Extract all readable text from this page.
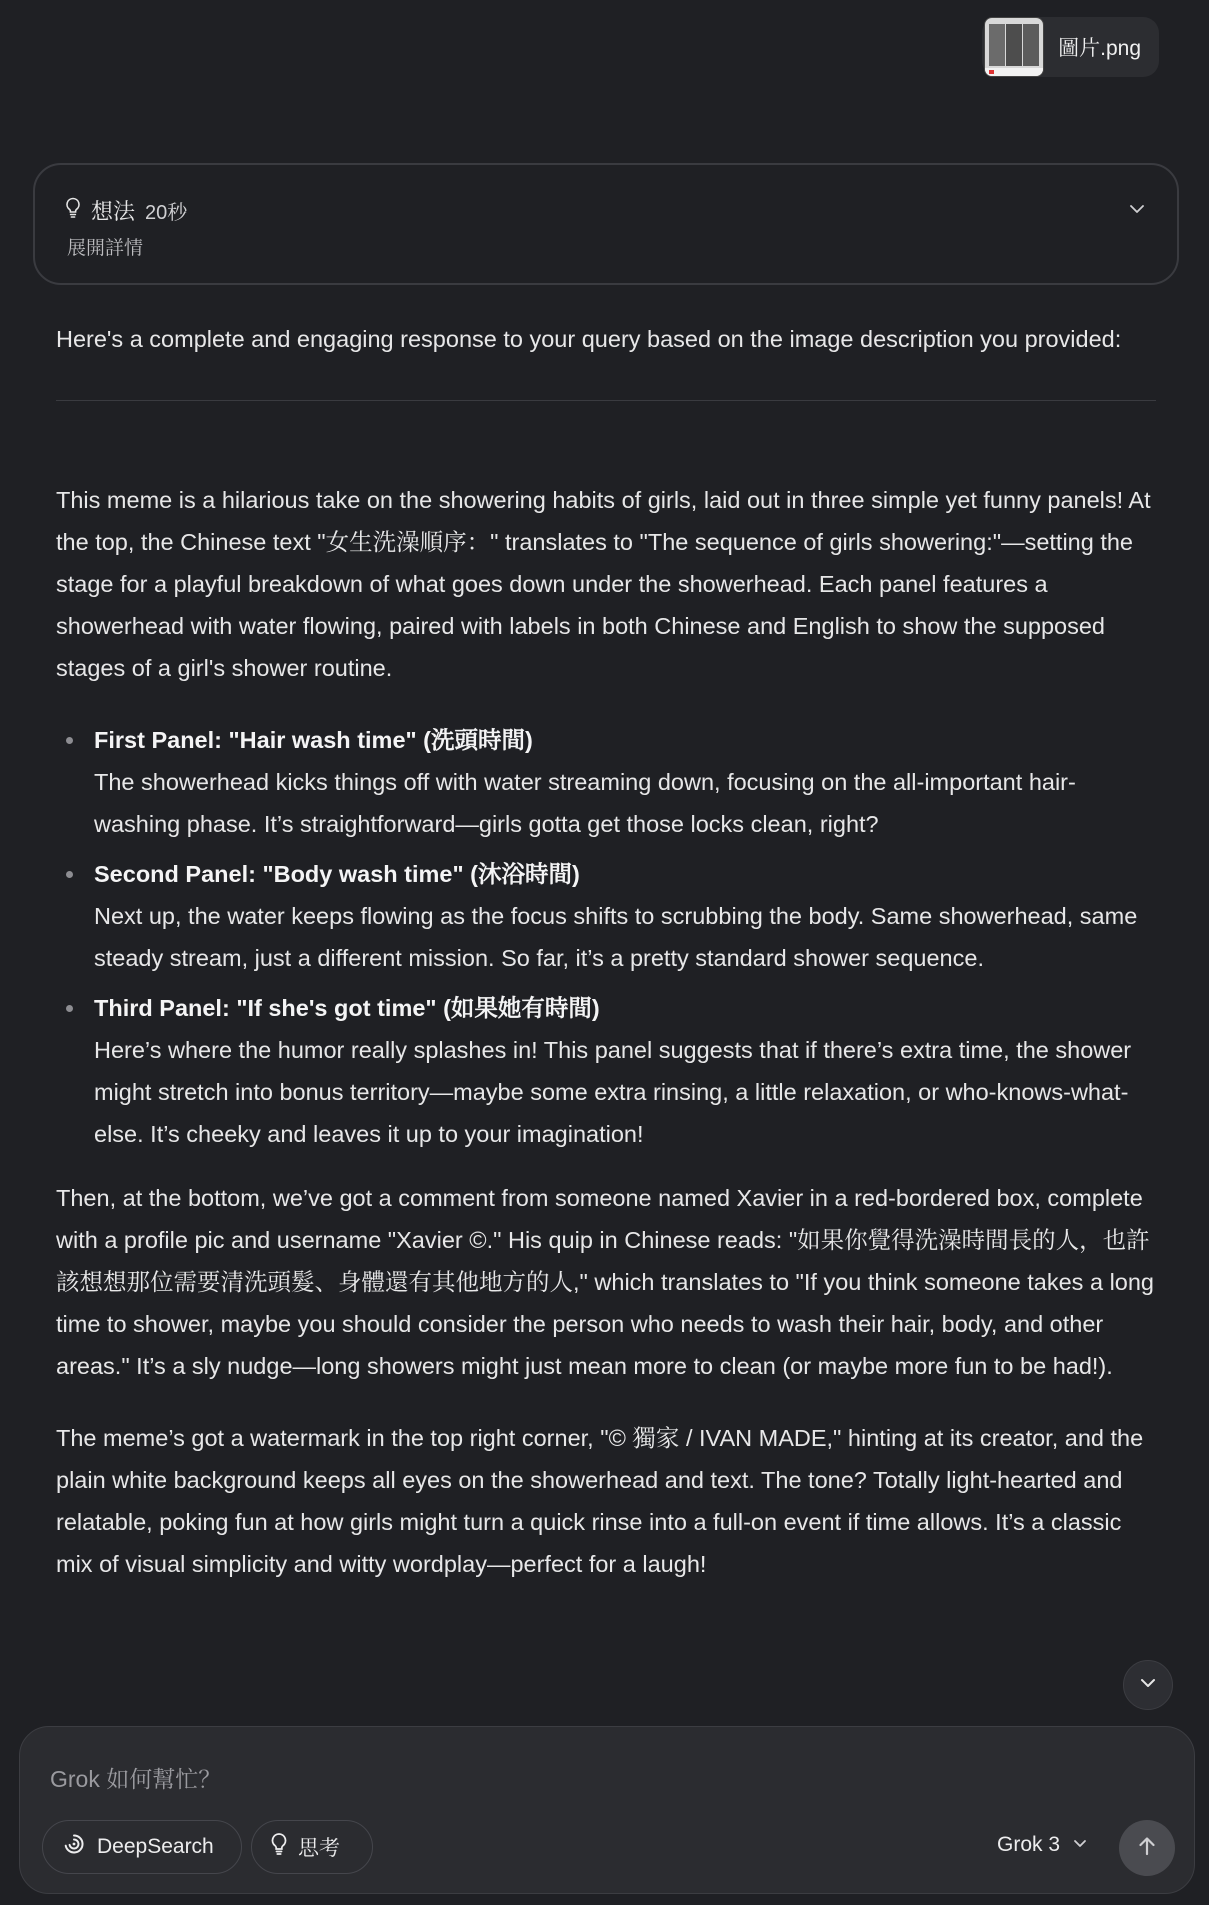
圖片.png
想法 20秒
展開詳情

Here's a complete and engaging response to your query based on the image description you provided:

This meme is a hilarious take on the showering habits of girls, laid out in three simple yet funny panels! At the top, the Chinese text "女生洗澡順序：" translates to "The sequence of girls showering:"—setting the stage for a playful breakdown of what goes down under the showerhead. Each panel features a showerhead with water flowing, paired with labels in both Chinese and English to show the supposed stages of a girl's shower routine.

First Panel: "Hair wash time" (洗頭時間)
The showerhead kicks things off with water streaming down, focusing on the all-important hair-washing phase. It’s straightforward—girls gotta get those locks clean, right?
Second Panel: "Body wash time" (沐浴時間)
Next up, the water keeps flowing as the focus shifts to scrubbing the body. Same showerhead, same steady stream, just a different mission. So far, it’s a pretty standard shower sequence.
Third Panel: "If she's got time" (如果她有時間)
Here’s where the humor really splashes in! This panel suggests that if there’s extra time, the shower might stretch into bonus territory—maybe some extra rinsing, a little relaxation, or who-knows-what-else. It’s cheeky and leaves it up to your imagination!

Then, at the bottom, we’ve got a comment from someone named Xavier in a red-bordered box, complete with a profile pic and username "Xavier ©." His quip in Chinese reads: "如果你覺得洗澡時間長的人，也許該想想那位需要清洗頭髮、身體還有其他地方的人," which translates to "If you think someone takes a long time to shower, maybe you should consider the person who needs to wash their hair, body, and other areas." It’s a sly nudge—long showers might just mean more to clean (or maybe more fun to be had!).

The meme’s got a watermark in the top right corner, "© 獨家 / IVAN MADE," hinting at its creator, and the plain white background keeps all eyes on the showerhead and text. The tone? Totally light-hearted and relatable, poking fun at how girls might turn a quick rinse into a full-on event if time allows. It’s a classic mix of visual simplicity and witty wordplay—perfect for a laugh!

Grok 如何幫忙？
DeepSearch	思考	Grok 3
